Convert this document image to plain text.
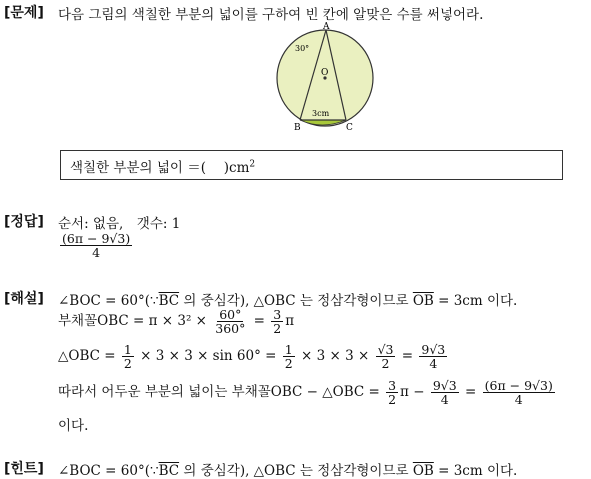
[문제] 다음 그림의 색칠한 부분의 넓이를 구하여 빈 칸에 알맞은 수를 써넣어라.
A
B	C
O
30°
3cm
색칠한 부분의 넓이 ＝(　 )$cm^2$
[정답] 순서: 없음,　갯수: 1
$\frac{(6\pi - 9√3)}{4}$
[해설] ∠BOC = $60^\circ(\because\overline{BC}$ 의 중심각), △OBC 는 정삼각형이므로 $\overline{OB} = 3cm$ 이다.
부채꼴OBC = $\pi \times 3^2 \times \frac{60^\circ}{360^\circ} = \frac{3}{2}$ π
△OBC = $\frac{1}{2} \times 3 \times 3 \times \sin 60^\circ = \frac{1}{2} \times 3 \times 3 \times \frac{√3}{2} = \frac{9√3}{4}$
따라서 어두운 부분의 넓이는 부채꼴OBC − △OBC = $\frac{3}{2}$ $\pi - \frac{9√3}{4} = \frac{(6\pi - 9√3)}{4}$
이다.
[힌트] ∠BOC = $60^\circ(\because\overline{BC}$ 의 중심각), △OBC 는 정삼각형이므로 $\overline{OB} = 3cm$ 이다.
